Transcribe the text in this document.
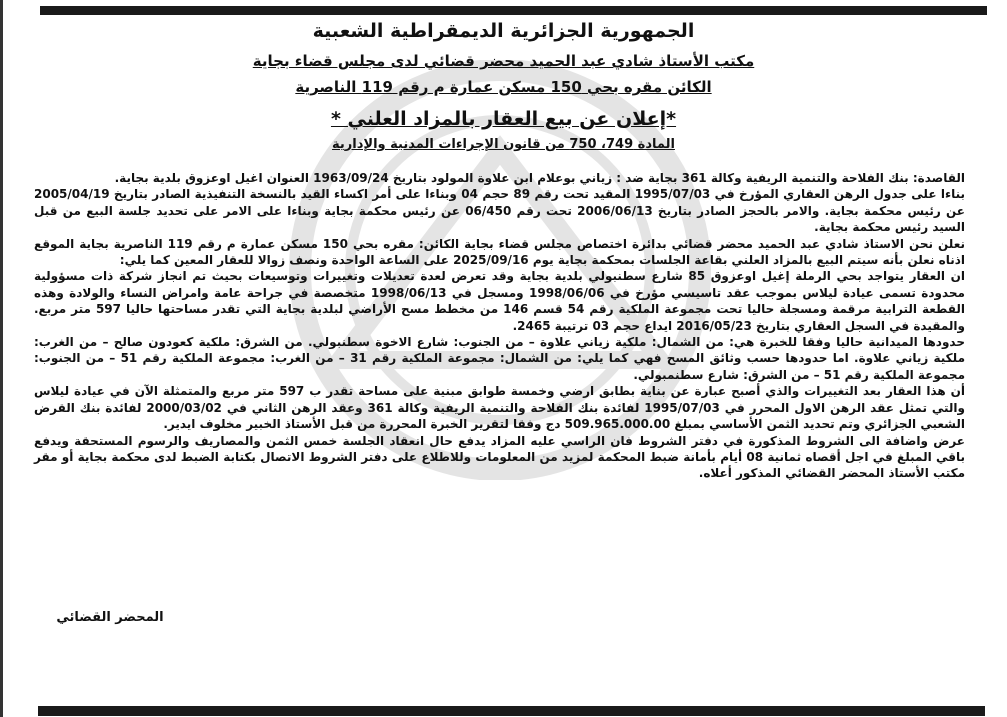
الجمهورية الجزائرية الديمقراطية الشعبية
مكتب الأستاذ شادي عبد الحميد محضر قضائي لدى مجلس قضاء بجاية
الكائن مقره بحي 150 مسكن عمارة م رقم 119 الناصرية
*إعلان عن بيع العقار بالمزاد العلني *
المادة 749، 750 من قانون الإجراءات المدنية والإدارية

القاصدة: بنك الفلاحة والتنمية الريفية وكالة 361 بجاية ضد : زياني بوعلام ابن علاوة المولود بتاريخ 1963/09/24 العنوان اغيل اوعزوق بلدية بجاية.

بناءا على جدول الرهن العقاري المؤرخ في 1995/07/03 المقيد تحت رقم 89 حجم 04 وبناءا على أمر اكساء القيد بالنسخة التنفيذية الصادر بتاريخ 2005/04/19 عن رئيس محكمة بجاية. والامر بالحجز الصادر بتاريخ 2006/06/13 تحت رقم 06/450 عن رئيس محكمة بجاية وبناءا على الامر على تحديد جلسة البيع من قبل السيد رئيس محكمة بجاية.

نعلن نحن الاستاذ شادي عبد الحميد محضر قضائي بدائرة اختصاص مجلس قضاء بجاية الكائن: مقره بحي 150 مسكن عمارة م رقم 119 الناصرية بجاية الموقع اذناه نعلن بأنه سيتم البيع بالمزاد العلني بقاعة الجلسات بمحكمة بجاية يوم 2025/09/16 على الساعة الواحدة ونصف زوالا للعقار المعين كما يلي:

ان العقار يتواجد بحي الرملة إغيل اوعزوق 85 شارع سطنبولي بلدية بجاية وقد تعرض لعدة تعديلات وتغييرات وتوسيعات بحيث تم انجاز شركة ذات مسؤولية محدودة تسمى عيادة ليلاس بموجب عقد تاسيسي مؤرخ في 1998/06/06 ومسجل في 1998/06/13 متخصصة في جراحة عامة وامراض النساء والولادة وهذه القطعة الترابية مرقمة ومسجلة حاليا تحت مجموعة الملكية رقم 54 قسم 146 من مخطط مسح الأراضي لبلدية بجاية التي تقدر مساحتها حاليا 597 متر مربع. والمقيدة في السجل العقاري بتاريخ 2016/05/23 ايداع حجم 03 ترتيبة 2465.

حدودها الميدانية حاليا وفقا للخبرة هي: من الشمال: ملكية زياني علاوة – من الجنوب: شارع الاخوة سطنبولي. من الشرق: ملكية كعودون صالح – من الغرب: ملكية زياني علاوة. اما حدودها حسب وثائق المسح فهي كما يلي: من الشمال: مجموعة الملكية رقم 31 – من الغرب: مجموعة الملكية رقم 51 – من الجنوب: مجموعة الملكية رقم 51 – من الشرق: شارع سطنمبولي.

أن هذا العقار بعد التغييرات والذي أصبح عبارة عن بناية بطابق ارضي وخمسة طوابق مبنية على مساحة تقدر ب 597 متر مربع والمتمثلة الآن في عيادة ليلاس والتي تمثل عقد الرهن الاول المحرر في 1995/07/03 لفائدة بنك الفلاحة والتنمية الريفية وكالة 361 وعقد الرهن الثاني في 2000/03/02 لفائدة بنك القرض الشعبي الجزائري وتم تحديد الثمن الأساسي بمبلغ 509.965.000.00 دج وفقا لتقرير الخبرة المحررة من قبل الأستاذ الخبير مخلوف ايدير.

عرض واضافة الى الشروط المذكورة في دفتر الشروط فان الراسي عليه المزاد يدفع حال انعقاد الجلسة خمس الثمن والمصاريف والرسوم المستحقة ويدفع باقي المبلغ في اجل أقصاه ثمانية 08 أيام بأمانة ضبط المحكمة لمزيد من المعلومات وللاطلاع على دفتر الشروط الاتصال بكتابة الضبط لدى محكمة بجاية أو مقر مكتب الأستاذ المحضر القضائي المذكور أعلاه.

المحضر القضائي
